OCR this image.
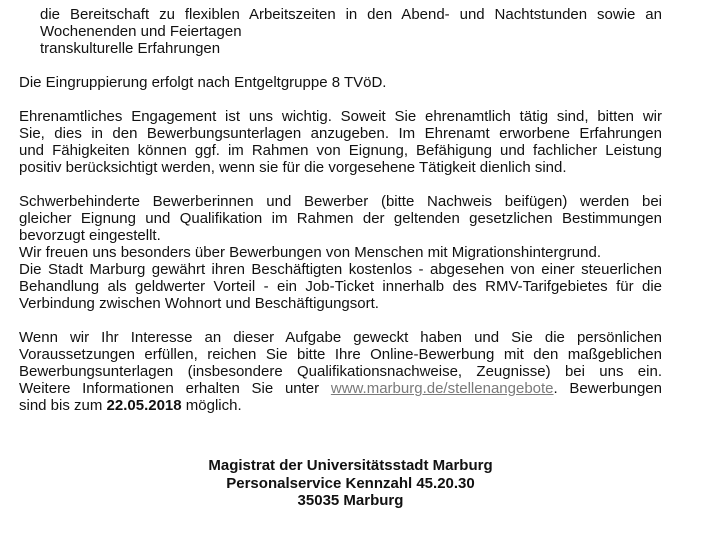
die Bereitschaft zu flexiblen Arbeitszeiten in den Abend- und Nachtstunden sowie an
Wochenenden und Feiertagen
transkulturelle Erfahrungen

Die Eingruppierung erfolgt nach Entgeltgruppe 8 TVöD.

Ehrenamtliches Engagement ist uns wichtig. Soweit Sie ehrenamtlich tätig sind, bitten wir
Sie, dies in den Bewerbungsunterlagen anzugeben. Im Ehrenamt erworbene Erfahrungen
und Fähigkeiten können ggf. im Rahmen von Eignung, Befähigung und fachlicher Leistung
positiv berücksichtigt werden, wenn sie für die vorgesehene Tätigkeit dienlich sind.

Schwerbehinderte Bewerberinnen und Bewerber (bitte Nachweis beifügen) werden bei
gleicher Eignung und Qualifikation im Rahmen der geltenden gesetzlichen Bestimmungen
bevorzugt eingestellt.
Wir freuen uns besonders über Bewerbungen von Menschen mit Migrationshintergrund.
Die Stadt Marburg gewährt ihren Beschäftigten kostenlos - abgesehen von einer steuerlichen
Behandlung als geldwerter Vorteil - ein Job-Ticket innerhalb des RMV-Tarifgebietes für die
Verbindung zwischen Wohnort und Beschäftigungsort.

Wenn wir Ihr Interesse an dieser Aufgabe geweckt haben und Sie die persönlichen
Voraussetzungen erfüllen, reichen Sie bitte Ihre Online-Bewerbung mit den maßgeblichen
Bewerbungsunterlagen (insbesondere Qualifikationsnachweise, Zeugnisse) bei uns ein.
Weitere Informationen erhalten Sie unter www.marburg.de/stellenangebote. Bewerbungen
sind bis zum 22.05.2018 möglich.

Magistrat der Universitätsstadt Marburg
Personalservice Kennzahl 45.20.30
35035 Marburg
